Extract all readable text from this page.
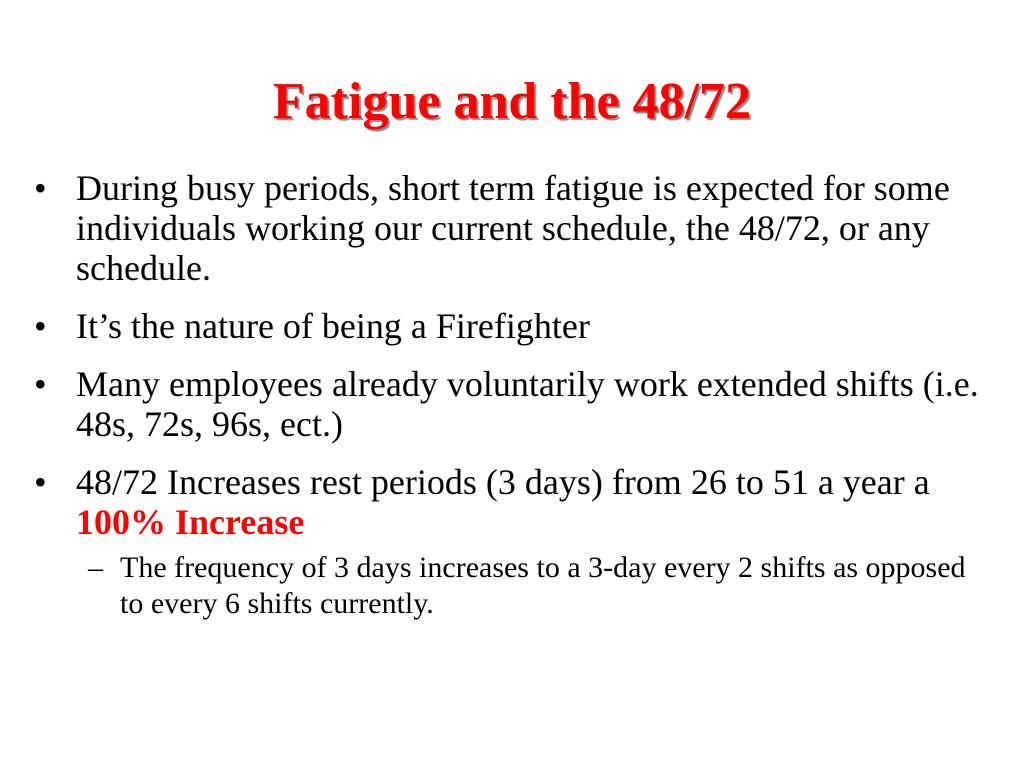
Fatigue and the 48/72
• During busy periods, short term fatigue is expected for some individuals working our current schedule, the 48/72, or any schedule.
• It’s the nature of being a Firefighter
• Many employees already voluntarily work extended shifts (i.e. 48s, 72s, 96s, ect.)
• 48/72 Increases rest periods (3 days) from 26 to 51 a year a 100% Increase
– The frequency of 3 days increases to a 3-day every 2 shifts as opposed to every 6 shifts currently.
